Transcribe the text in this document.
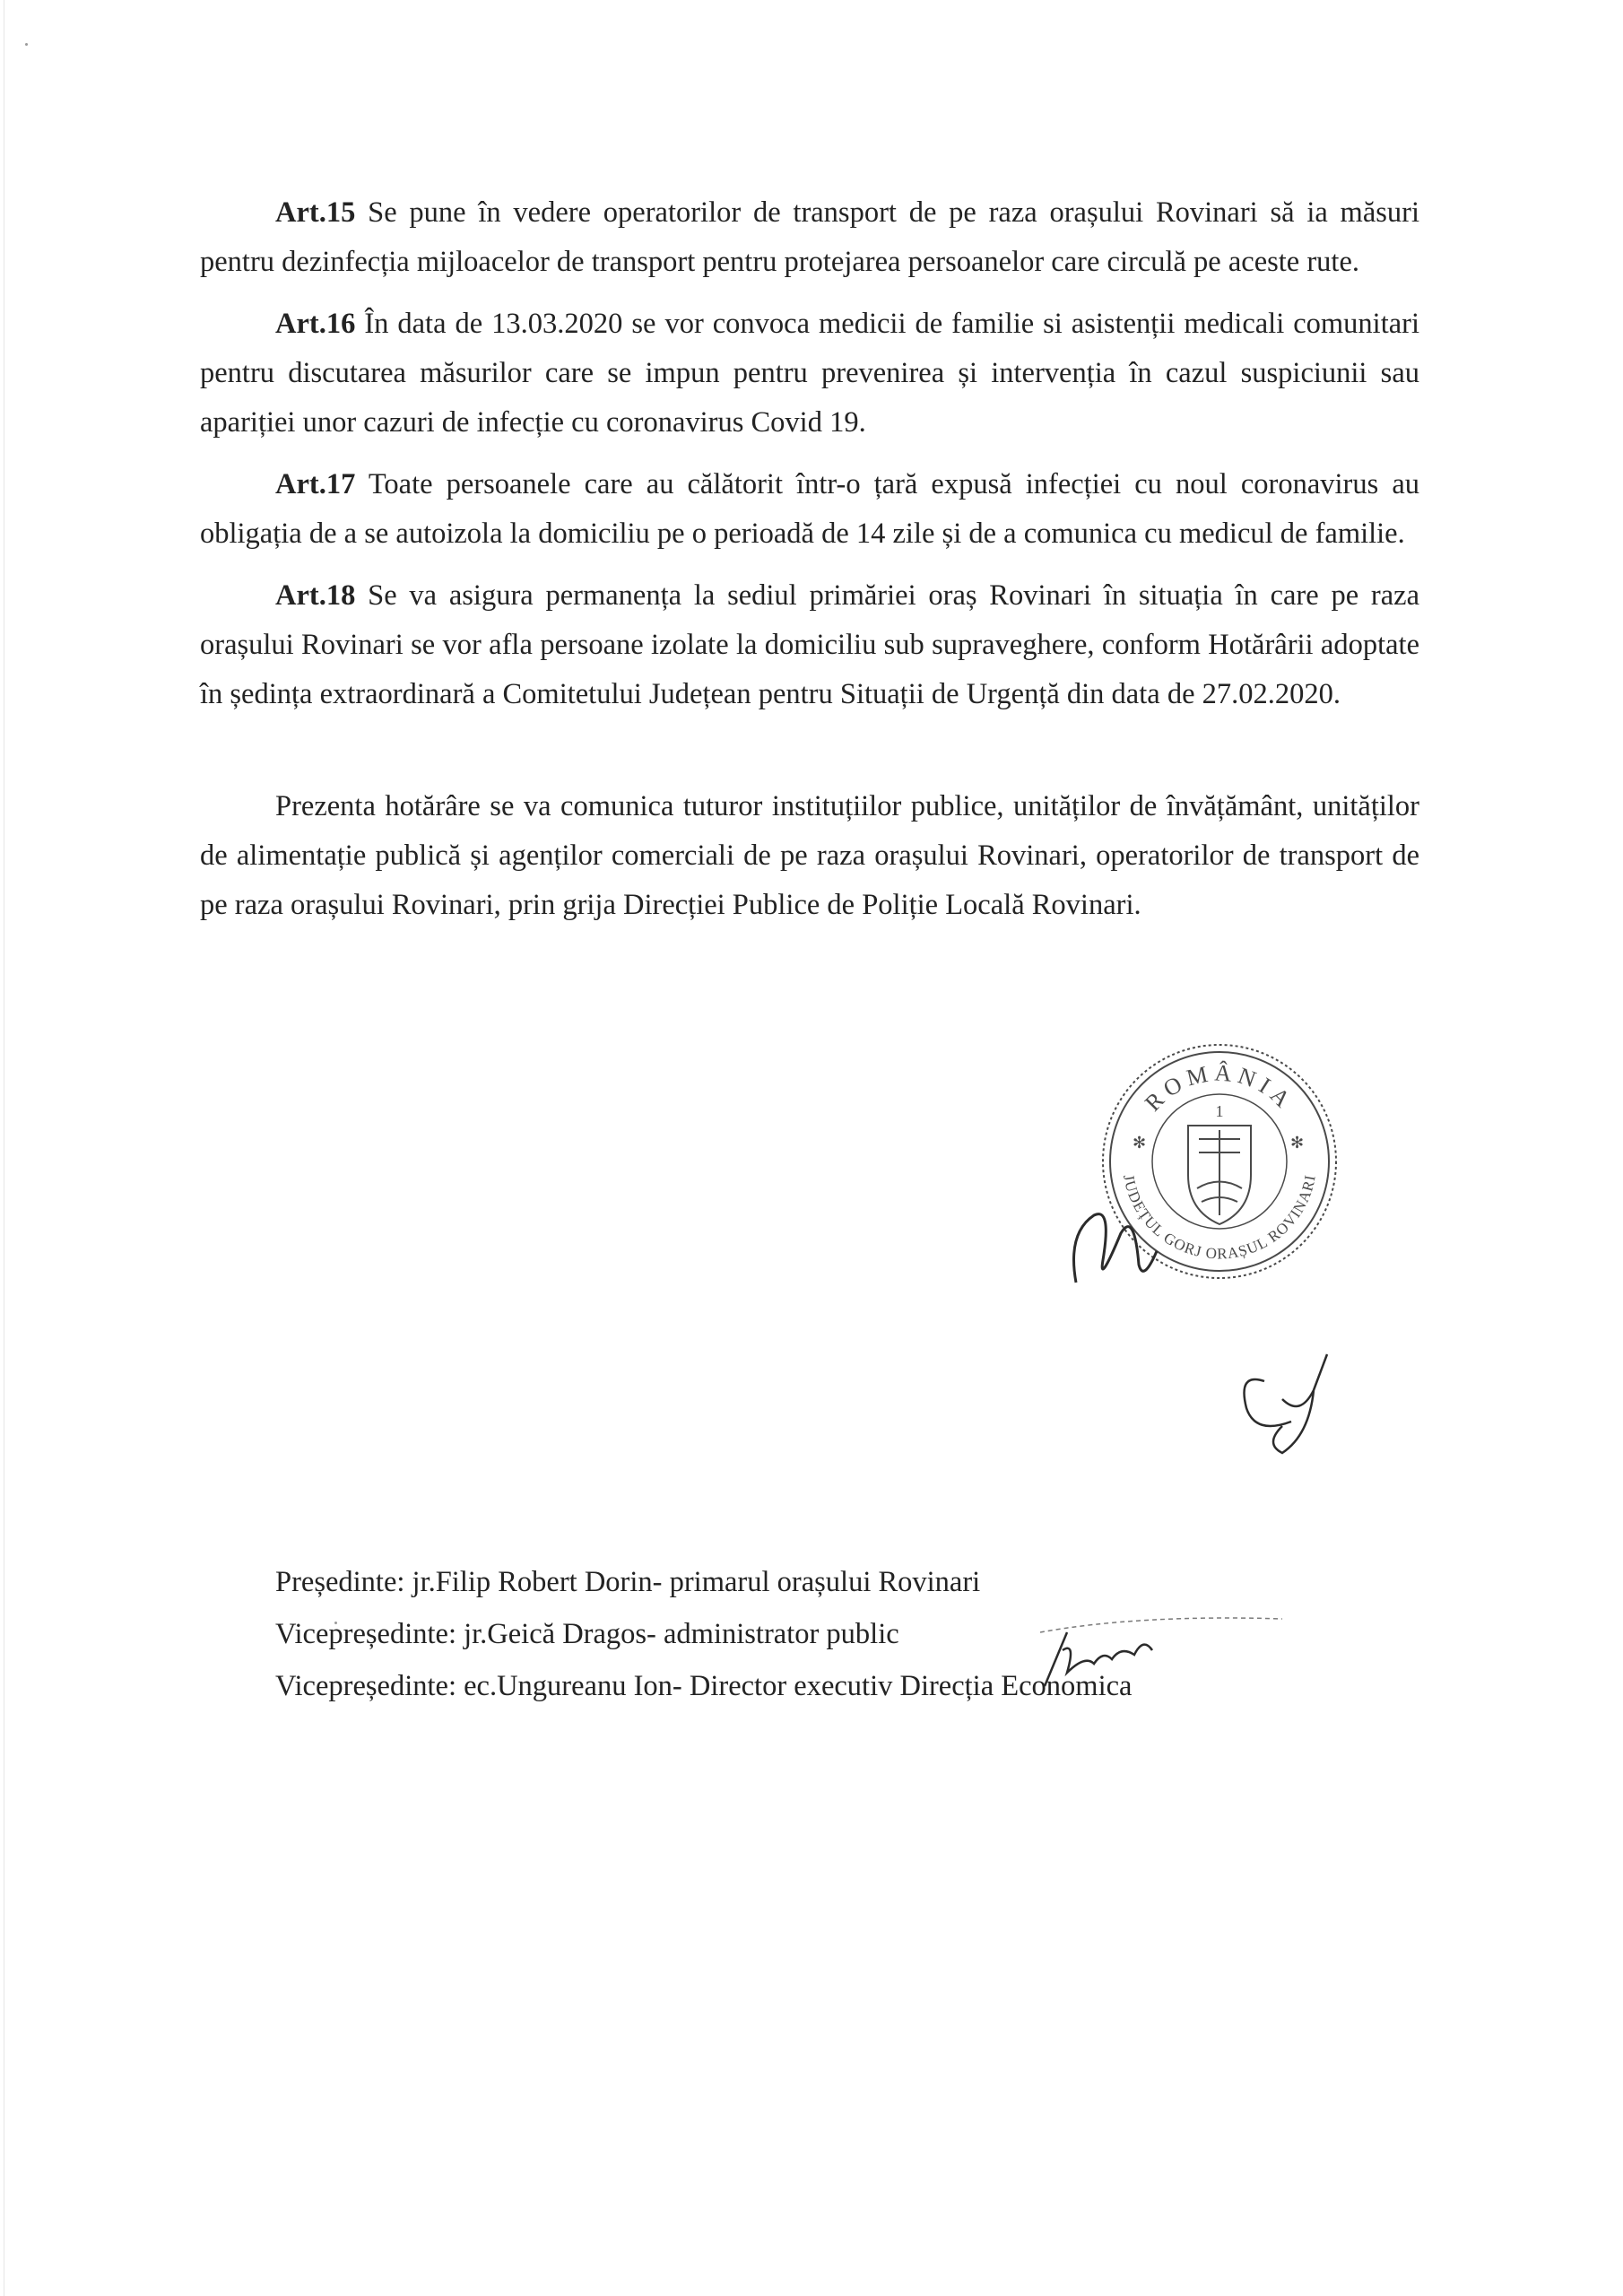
Art.15 Se pune în vedere operatorilor de transport de pe raza orașului Rovinari să ia măsuri pentru dezinfecția mijloacelor de transport pentru protejarea persoanelor care circulă pe aceste rute.

Art.16 În data de 13.03.2020 se vor convoca medicii de familie si asistenții medicali comunitari pentru discutarea măsurilor care se impun pentru prevenirea și intervenția în cazul suspiciunii sau apariției unor cazuri de infecție cu coronavirus Covid 19.

Art.17 Toate persoanele care au călătorit într-o țară expusă infecției cu noul coronavirus au obligația de a se autoizola la domiciliu pe o perioadă de 14 zile și de a comunica cu medicul de familie.

Art.18 Se va asigura permanența la sediul primăriei oraș Rovinari în situația în care pe raza orașului Rovinari se vor afla persoane izolate la domiciliu sub supraveghere, conform Hotărârii adoptate în ședința extraordinară a Comitetului Județean pentru Situații de Urgență din data de 27.02.2020.

Prezenta hotărâre se va comunica tuturor instituțiilor publice, unităților de învățământ, unităților de alimentație publică și agenților comerciali de pe raza orașului Rovinari, operatorilor de transport de pe raza orașului Rovinari, prin grija Direcției Publice de Poliție Locală Rovinari.

ROMÂNIA
JUDEȚUL GORJ ORAȘUL ROVINARI
1
✻	✻
Președinte: jr.Filip Robert Dorin- primarul orașului Rovinari
Vicepreședinte: jr.Geică Dragos- administrator public
Vicepreședinte: ec.Ungureanu Ion- Director executiv Direcția Economica
